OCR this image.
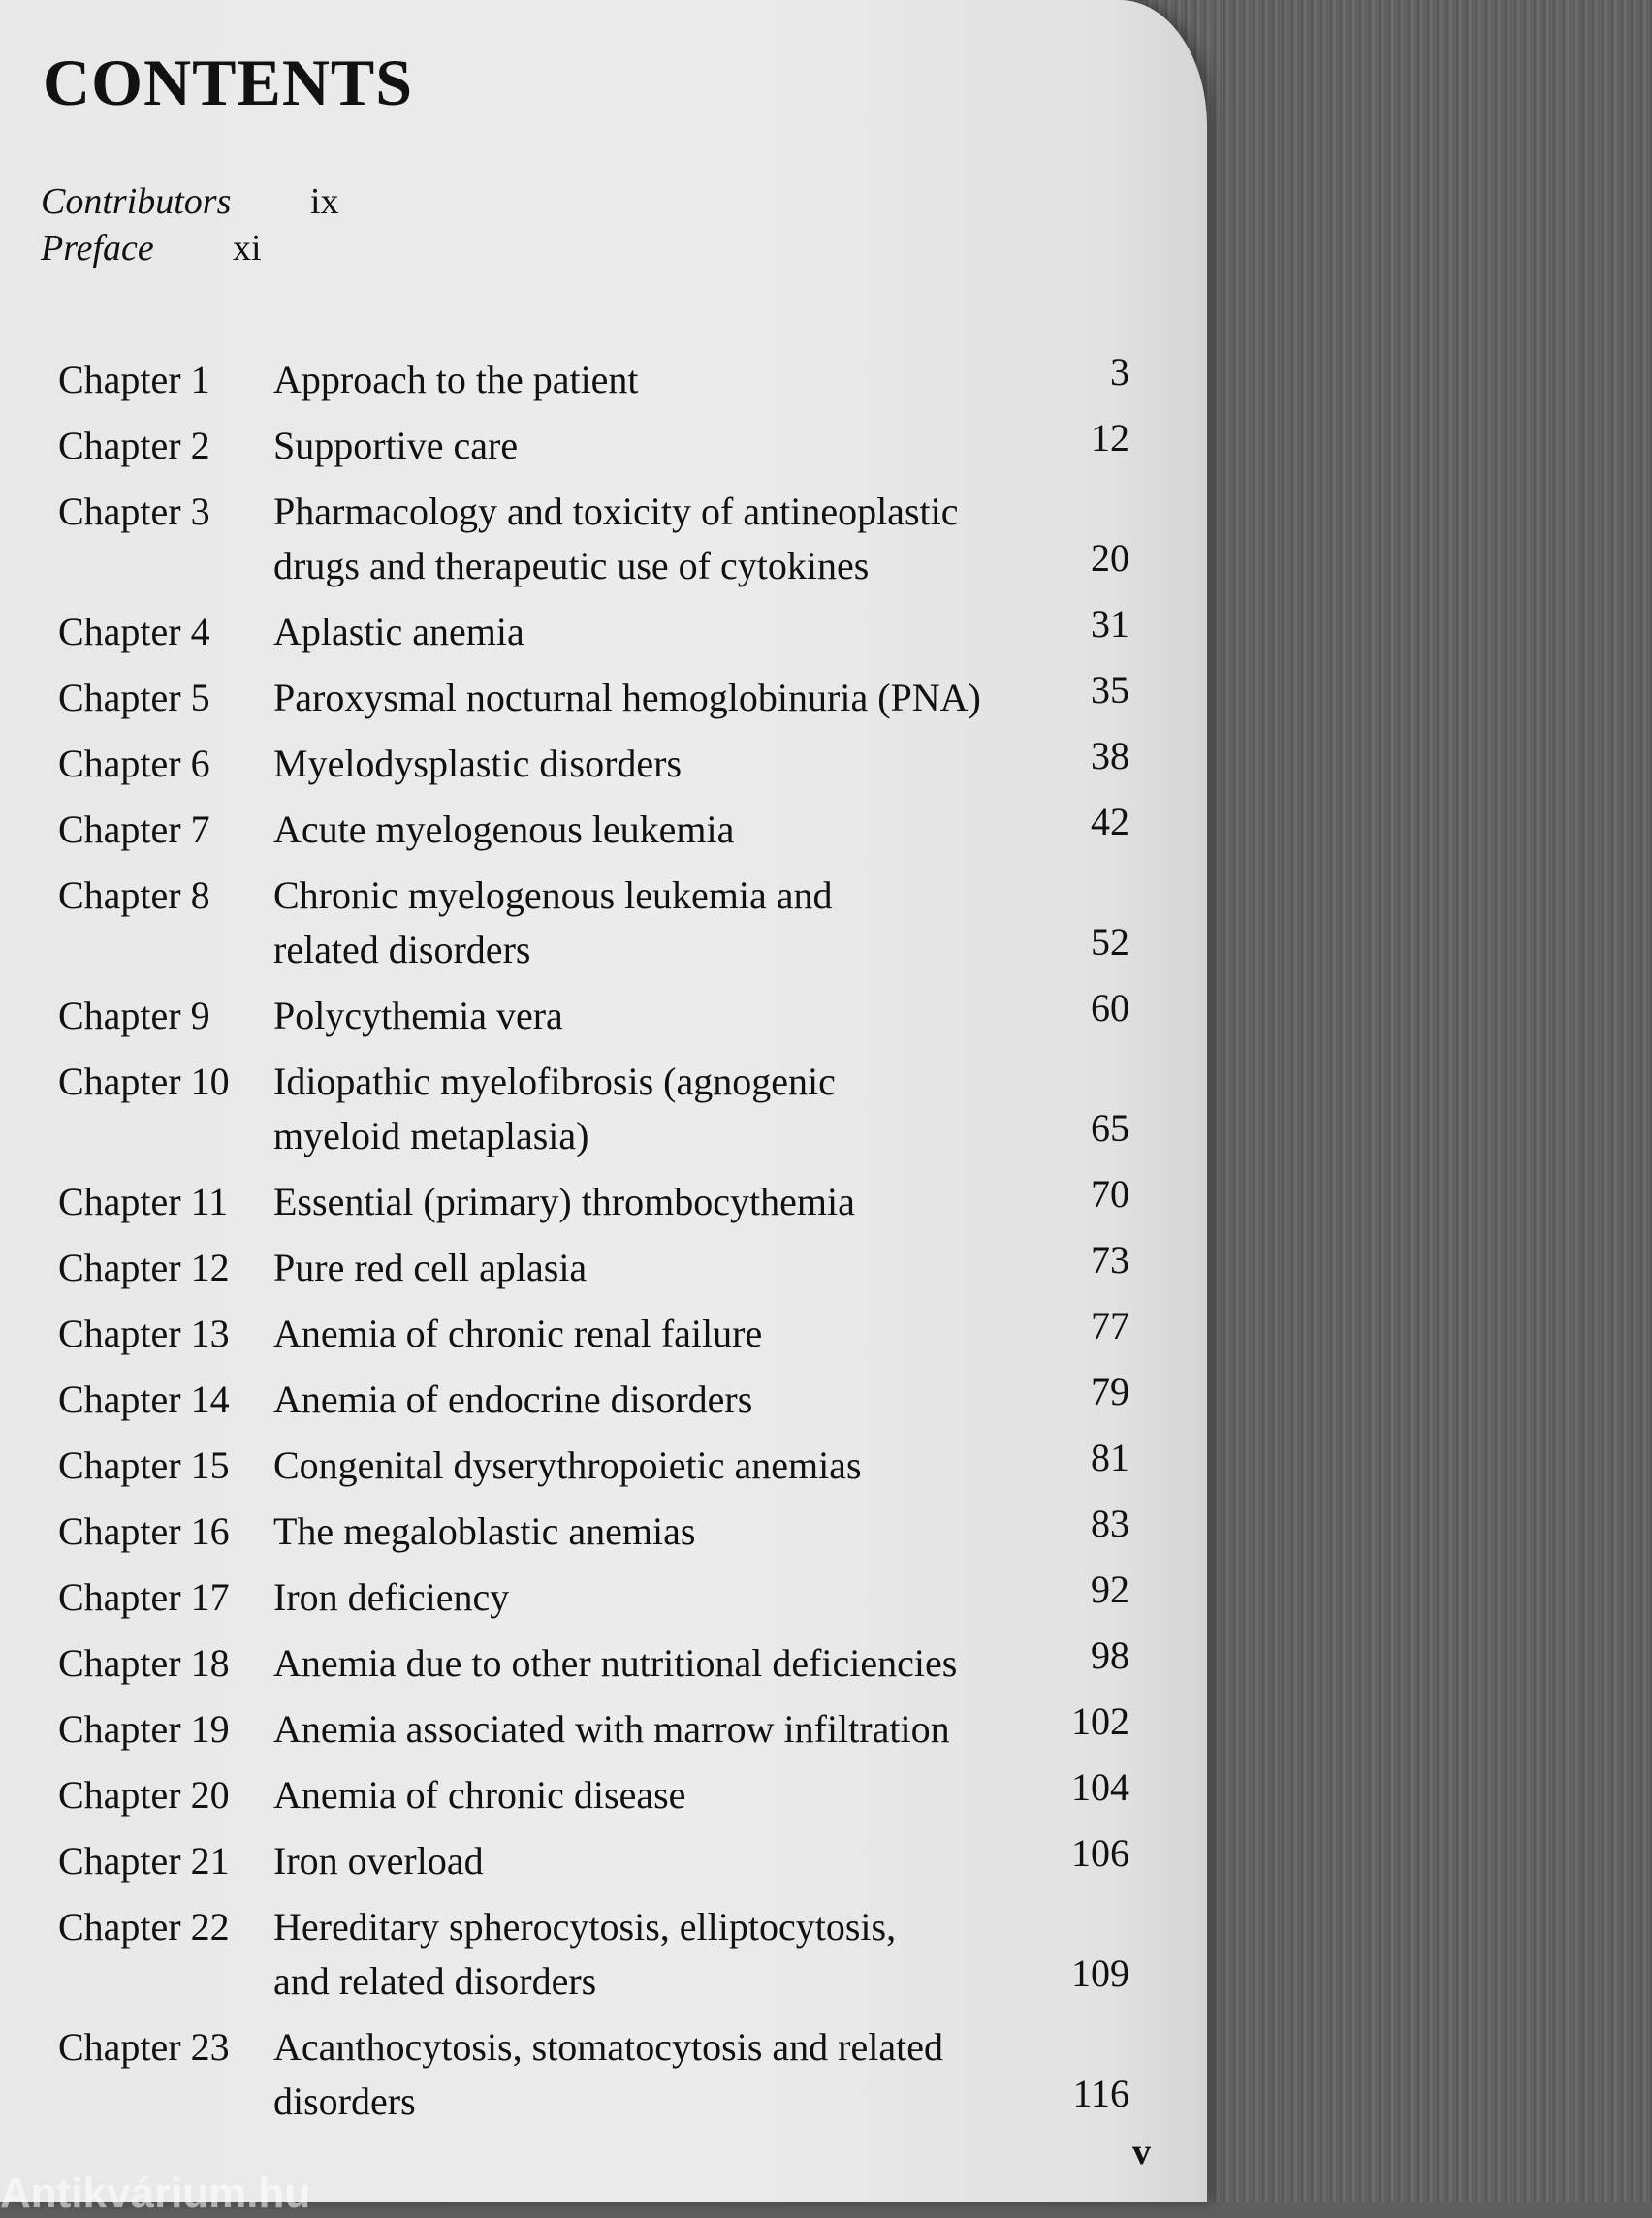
CONTENTS
Contributors ix
Preface xi
Chapter 1 Approach to the patient	3
Chapter 2 Supportive care	12
Chapter 3 Pharmacology and toxicity of antineoplastic
drugs and therapeutic use of cytokines	20
Chapter 4 Aplastic anemia	31
Chapter 5 Paroxysmal nocturnal hemoglobinuria (PNA)	35
Chapter 6 Myelodysplastic disorders	38
Chapter 7 Acute myelogenous leukemia	42
Chapter 8 Chronic myelogenous leukemia and
related disorders	52
Chapter 9 Polycythemia vera	60
Chapter 10 Idiopathic myelofibrosis (agnogenic
myeloid metaplasia)	65
Chapter 11 Essential (primary) thrombocythemia	70
Chapter 12 Pure red cell aplasia	73
Chapter 13 Anemia of chronic renal failure	77
Chapter 14 Anemia of endocrine disorders	79
Chapter 15 Congenital dyserythropoietic anemias	81
Chapter 16 The megaloblastic anemias	83
Chapter 17 Iron deficiency	92
Chapter 18 Anemia due to other nutritional deficiencies	98
Chapter 19 Anemia associated with marrow infiltration	102
Chapter 20 Anemia of chronic disease	104
Chapter 21 Iron overload	106
Chapter 22 Hereditary spherocytosis, elliptocytosis,
and related disorders	109
Chapter 23 Acanthocytosis, stomatocytosis and related
disorders	116
v
Antikvárium.hu
